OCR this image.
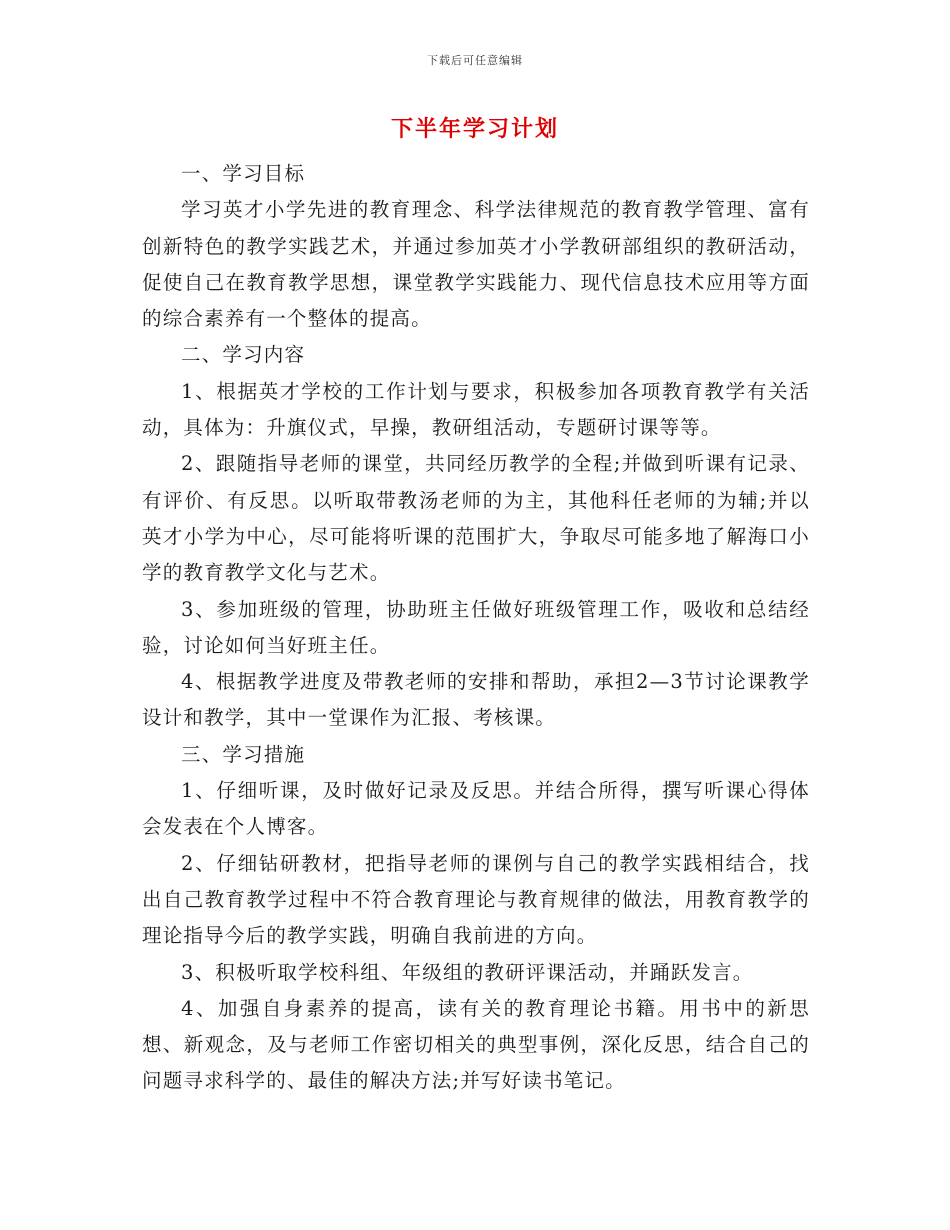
下载后可任意编辑
下半年学习计划

一、学习目标

学习英才小学先进的教育理念、科学法律规范的教育教学管理、富有创新特色的教学实践艺术，并通过参加英才小学教研部组织的教研活动，促使自己在教育教学思想，课堂教学实践能力、现代信息技术应用等方面的综合素养有一个整体的提高。

二、学习内容

1、根据英才学校的工作计划与要求，积极参加各项教育教学有关活动，具体为：升旗仪式，早操，教研组活动，专题研讨课等等。

2、跟随指导老师的课堂，共同经历教学的全程;并做到听课有记录、有评价、有反思。以听取带教汤老师的为主，其他科任老师的为辅;并以英才小学为中心，尽可能将听课的范围扩大，争取尽可能多地了解海口小学的教育教学文化与艺术。

3、参加班级的管理，协助班主任做好班级管理工作，吸收和总结经验，讨论如何当好班主任。

4、根据教学进度及带教老师的安排和帮助，承担2—3节讨论课教学设计和教学，其中一堂课作为汇报、考核课。

三、学习措施

1、仔细听课，及时做好记录及反思。并结合所得，撰写听课心得体会发表在个人博客。

2、仔细钻研教材，把指导老师的课例与自己的教学实践相结合，找出自己教育教学过程中不符合教育理论与教育规律的做法，用教育教学的理论指导今后的教学实践，明确自我前进的方向。

3、积极听取学校科组、年级组的教研评课活动，并踊跃发言。

4、加强自身素养的提高，读有关的教育理论书籍。用书中的新思想、新观念，及与老师工作密切相关的典型事例，深化反思，结合自己的问题寻求科学的、最佳的解决方法;并写好读书笔记。
